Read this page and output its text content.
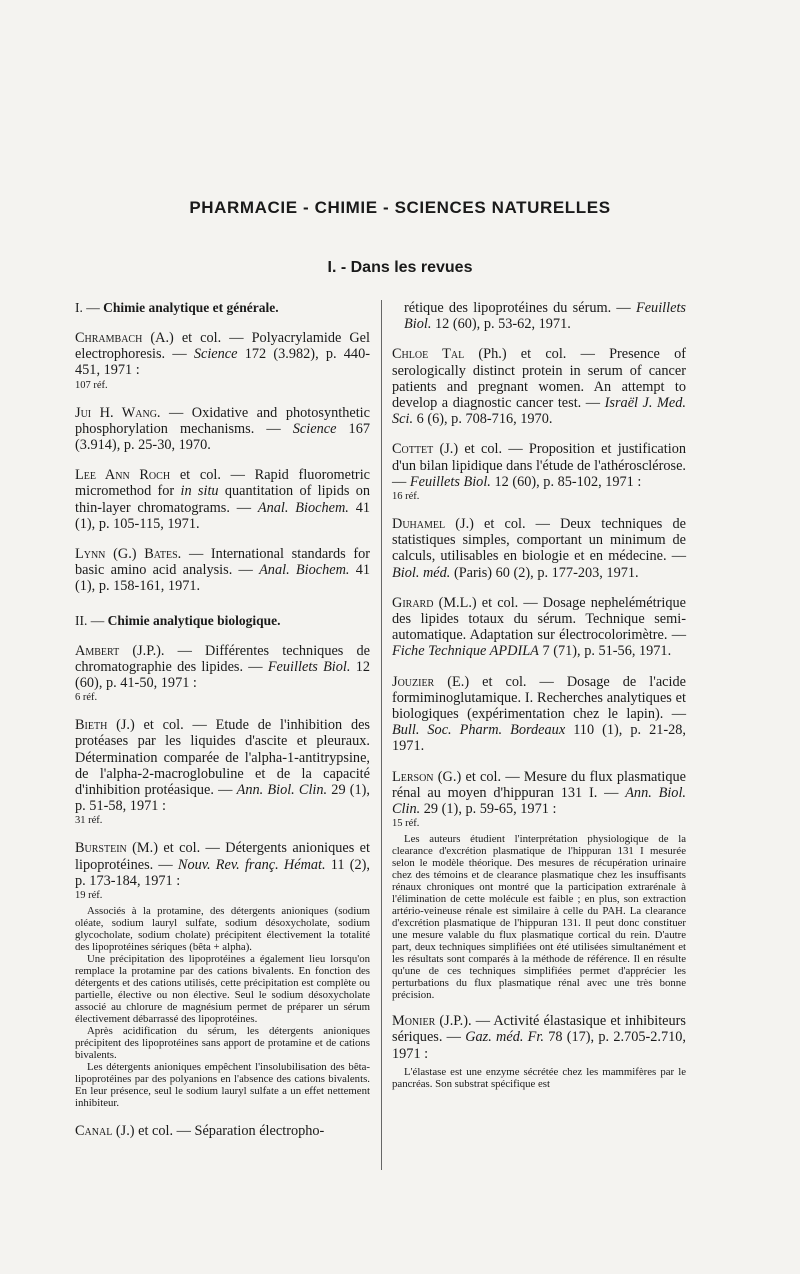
PHARMACIE - CHIMIE - SCIENCES NATURELLES
I. - Dans les revues
I. — Chimie analytique et générale.
Chrambach (A.) et col. — Polyacrylamide Gel electrophoresis. — Science 172 (3.982), p. 440-451, 1971 :
107 réf.
Jui H. Wang. — Oxidative and photosynthetic phosphorylation mechanisms. — Science 167 (3.914), p. 25-30, 1970.
Lee Ann Roch et col. — Rapid fluorometric micromethod for in situ quantitation of lipids on thin-layer chromatograms. — Anal. Biochem. 41 (1), p. 105-115, 1971.
Lynn (G.) Bates. — International standards for basic amino acid analysis. — Anal. Biochem. 41 (1), p. 158-161, 1971.
II. — Chimie analytique biologique.
Ambert (J.P.). — Différentes techniques de chromatographie des lipides. — Feuillets Biol. 12 (60), p. 41-50, 1971 :
6 réf.
Bieth (J.) et col. — Etude de l'inhibition des protéases par les liquides d'ascite et pleuraux. Détermination comparée de l'alpha-1-antitrypsine, de l'alpha-2-macroglobuline et de la capacité d'inhibition protéasique. — Ann. Biol. Clin. 29 (1), p. 51-58, 1971 :
31 réf.
Burstein (M.) et col. — Détergents anioniques et lipoprotéines. — Nouv. Rev. franç. Hémat. 11 (2), p. 173-184, 1971 :
19 réf.

Associés à la protamine, des détergents anioniques (sodium oléate, sodium lauryl sulfate, sodium désoxycholate, sodium glycocholate, sodium cholate) précipitent électivement la totalité des lipoprotéines sériques (bêta + alpha).

Une précipitation des lipoprotéines a également lieu lorsqu'on remplace la protamine par des cations bivalents. En fonction des détergents et des cations utilisés, cette précipitation est complète ou partielle, élective ou non élective. Seul le sodium désoxycholate associé au chlorure de magnésium permet de préparer un sérum électivement débarrassé des lipoprotéines.

Après acidification du sérum, les détergents anioniques précipitent des lipoprotéines sans apport de protamine et de cations bivalents.

Les détergents anioniques empêchent l'insolubilisation des bêta-lipoprotéines par des polyanions en l'absence des cations bivalents. En leur présence, seul le sodium lauryl sulfate a un effet nettement inhibiteur.

Canal (J.) et col. — Séparation électropho-
rétique des lipoprotéines du sérum. — Feuillets Biol. 12 (60), p. 53-62, 1971.
Chloe Tal (Ph.) et col. — Presence of serologically distinct protein in serum of cancer patients and pregnant women. An attempt to develop a diagnostic cancer test. — Israël J. Med. Sci. 6 (6), p. 708-716, 1970.
Cottet (J.) et col. — Proposition et justification d'un bilan lipidique dans l'étude de l'athérosclérose. — Feuillets Biol. 12 (60), p. 85-102, 1971 :
16 réf.
Duhamel (J.) et col. — Deux techniques de statistiques simples, comportant un minimum de calculs, utilisables en biologie et en médecine. — Biol. méd. (Paris) 60 (2), p. 177-203, 1971.
Girard (M.L.) et col. — Dosage nephelémétrique des lipides totaux du sérum. Technique semi-automatique. Adaptation sur électrocolorimètre. — Fiche Technique APDILA 7 (71), p. 51-56, 1971.
Jouzier (E.) et col. — Dosage de l'acide formiminoglutamique. I. Recherches analytiques et biologiques (expérimentation chez le lapin). — Bull. Soc. Pharm. Bordeaux 110 (1), p. 21-28, 1971.
Lerson (G.) et col. — Mesure du flux plasmatique rénal au moyen d'hippuran 131 I. — Ann. Biol. Clin. 29 (1), p. 59-65, 1971 :
15 réf.

Les auteurs étudient l'interprétation physiologique de la clearance d'excrétion plasmatique de l'hippuran 131 I mesurée selon le modèle théorique. Des mesures de récupération urinaire chez des témoins et de clearance plasmatique chez les insuffisants rénaux chroniques ont montré que la participation extrarénale à l'élimination de cette molécule est faible ; en plus, son extraction artério-veineuse rénale est similaire à celle du PAH. La clearance d'excrétion plasmatique de l'hippuran 131. Il peut donc constituer une mesure valable du flux plasmatique cortical du rein. D'autre part, deux techniques simplifiées ont été utilisées simultanément et les résultats sont comparés à la méthode de référence. Il en résulte qu'une de ces techniques simplifiées permet d'apprécier les perturbations du flux plasmatique rénal avec une très bonne précision.

Monier (J.P.). — Activité élastasique et inhibiteurs sériques. — Gaz. méd. Fr. 78 (17), p. 2.705-2.710, 1971 :

L'élastase est une enzyme sécrétée chez les mammifères par le pancréas. Son substrat spécifique est
